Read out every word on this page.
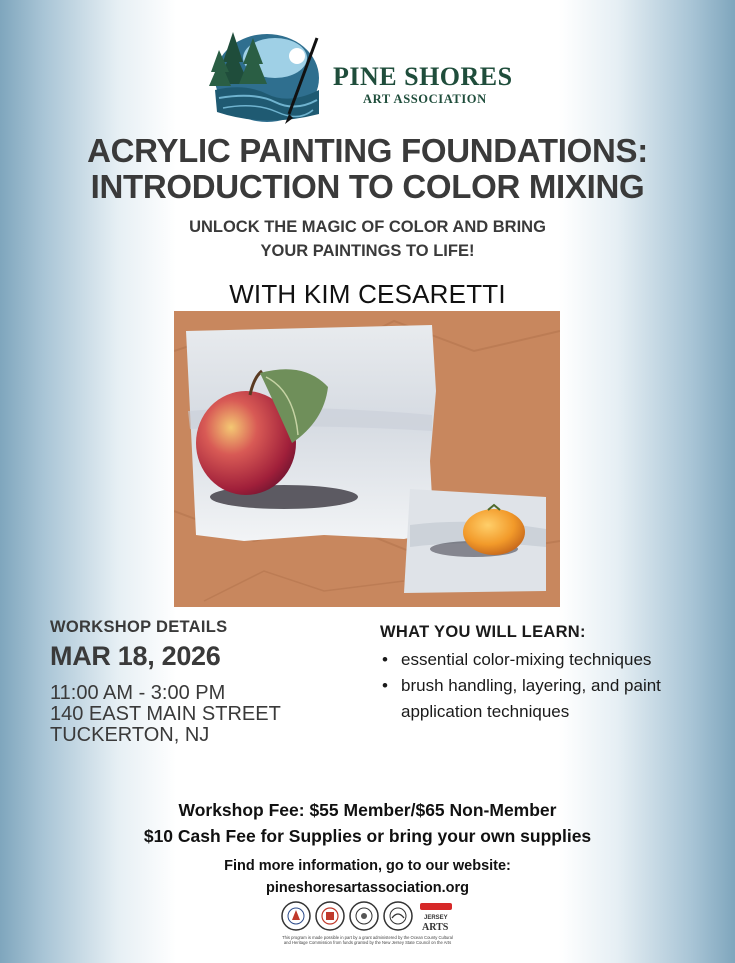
PINE SHORES
ART ASSOCIATION
ACRYLIC PAINTING FOUNDATIONS:
INTRODUCTION TO COLOR MIXING
UNLOCK THE MAGIC OF COLOR AND BRING
YOUR PAINTINGS TO LIFE!
WITH KIM CESARETTI
WORKSHOP DETAILS
MAR 18, 2026
11:00 AM - 3:00 PM
140 EAST MAIN STREET
TUCKERTON, NJ
WHAT YOU WILL LEARN:
• essential color-mixing techniques
• brush handling, layering, and paint application techniques
Workshop Fee: $55 Member/$65 Non-Member
$10 Cash Fee for Supplies or bring your own supplies
Find more information, go to our website:
pineshoresartassociation.org
JERSEY
ARTS
This program is made possible in part by a grant administered by the Ocean County Cultural and Heritage Commission from funds granted by the New Jersey State Council on the Arts
